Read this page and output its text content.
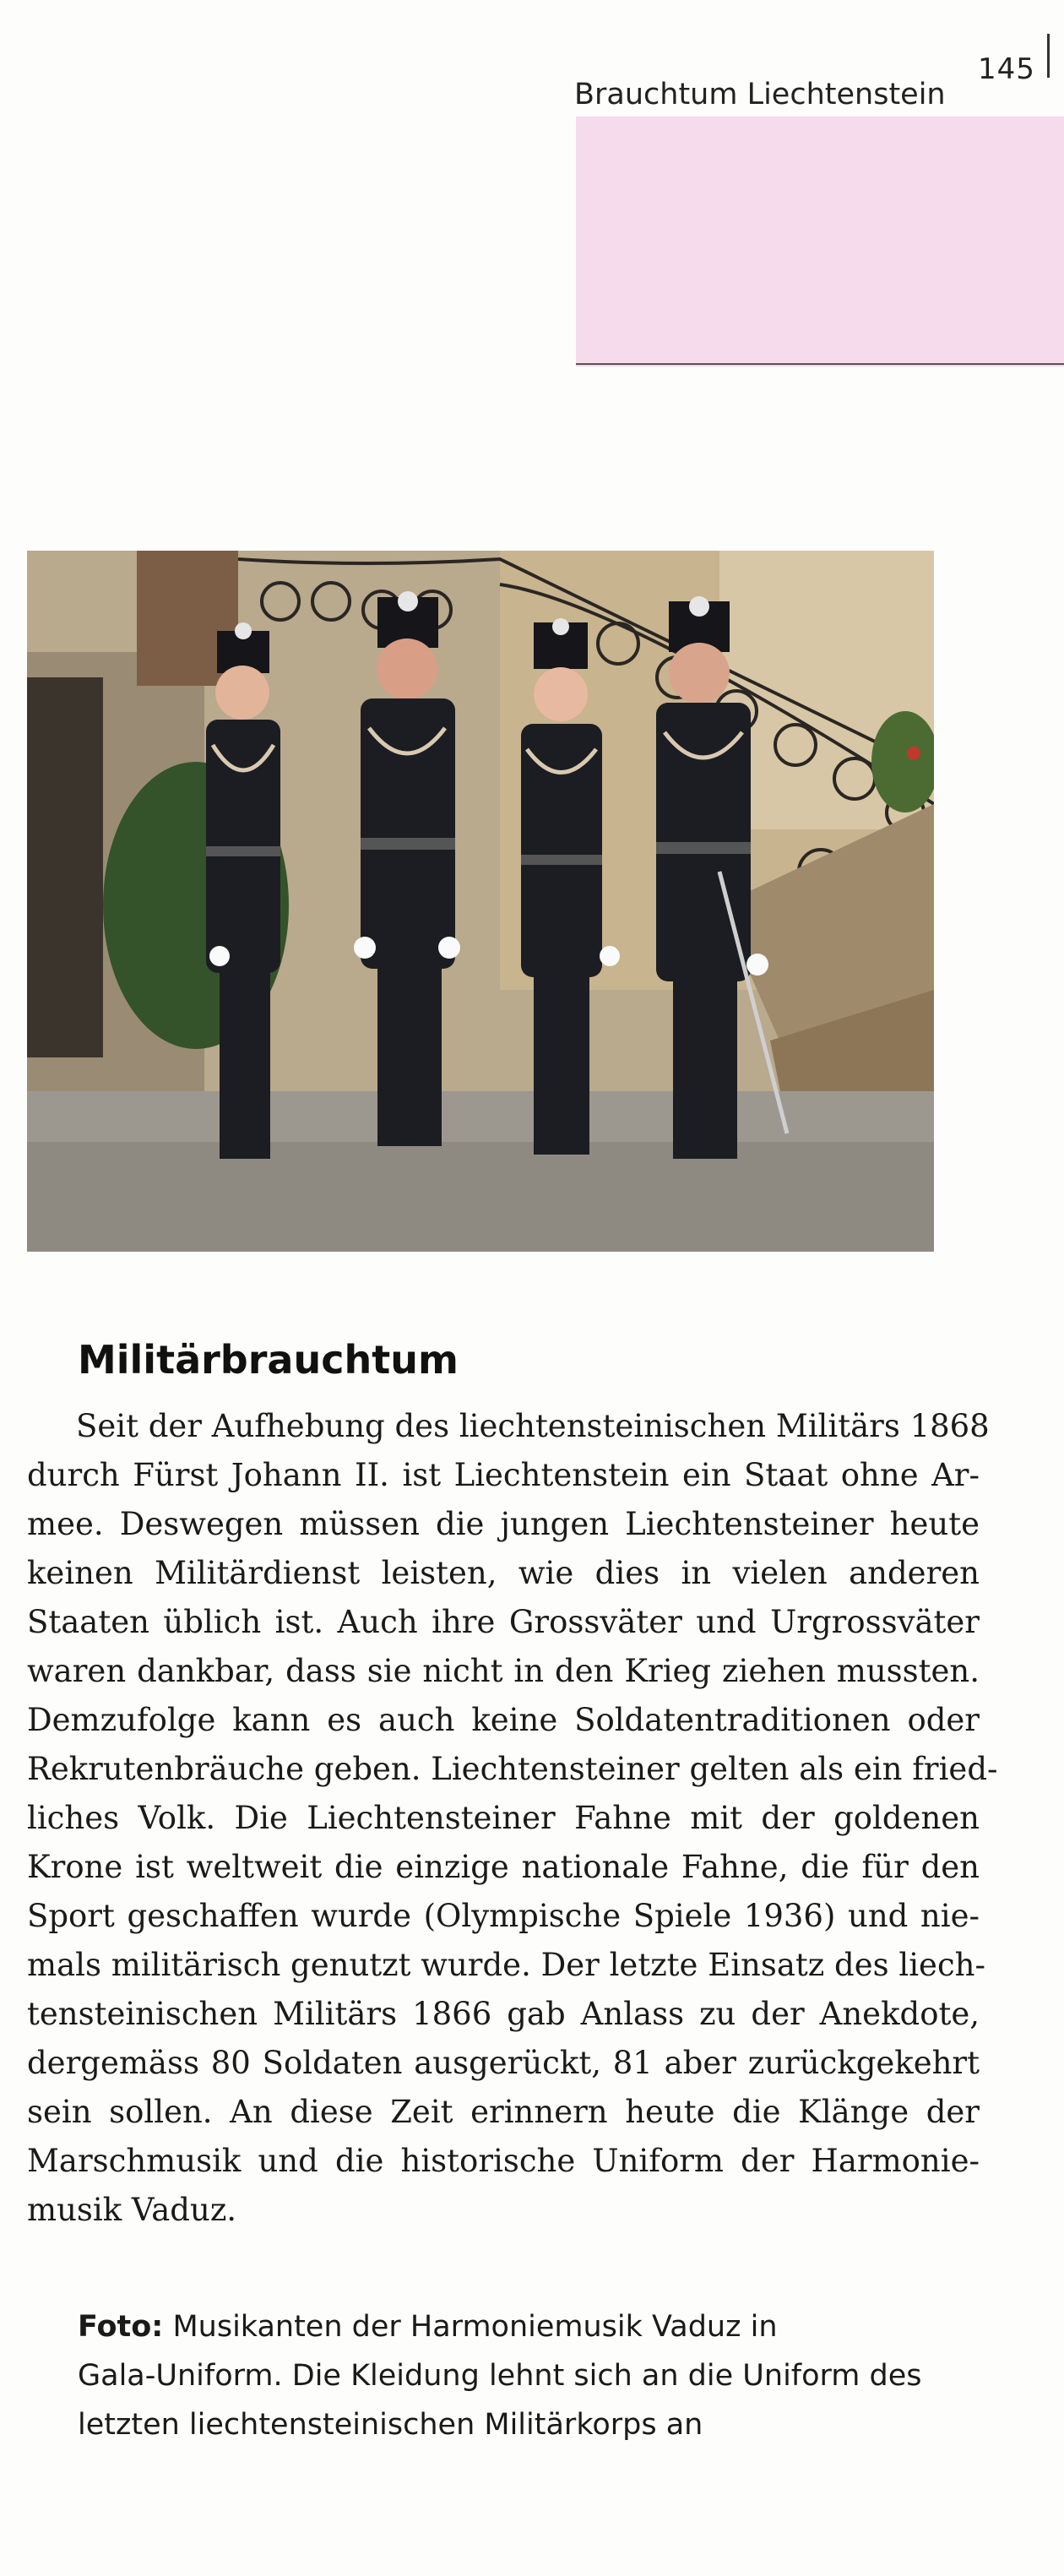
145
Brauchtum Liechtenstein
Militärbrauchtum
Seit der Aufhebung des liechtensteinischen Militärs 1868
durch Fürst Johann II. ist Liechtenstein ein Staat ohne Ar-
mee. Deswegen müssen die jungen Liechtensteiner heute
keinen Militärdienst leisten, wie dies in vielen anderen
Staaten üblich ist. Auch ihre Grossväter und Urgrossväter
waren dankbar, dass sie nicht in den Krieg ziehen mussten.
Demzufolge kann es auch keine Soldatentraditionen oder
Rekrutenbräuche geben. Liechtensteiner gelten als ein fried-
liches Volk. Die Liechtensteiner Fahne mit der goldenen
Krone ist weltweit die einzige nationale Fahne, die für den
Sport geschaffen wurde (Olympische Spiele 1936) und nie-
mals militärisch genutzt wurde. Der letzte Einsatz des liech-
tensteinischen Militärs 1866 gab Anlass zu der Anekdote,
dergemäss 80 Soldaten ausgerückt, 81 aber zurückgekehrt
sein sollen. An diese Zeit erinnern heute die Klänge der
Marschmusik und die historische Uniform der Harmonie-
musik Vaduz.
Foto: Musikanten der Harmoniemusik Vaduz in
Gala-Uniform. Die Kleidung lehnt sich an die Uniform des
letzten liechtensteinischen Militärkorps an
